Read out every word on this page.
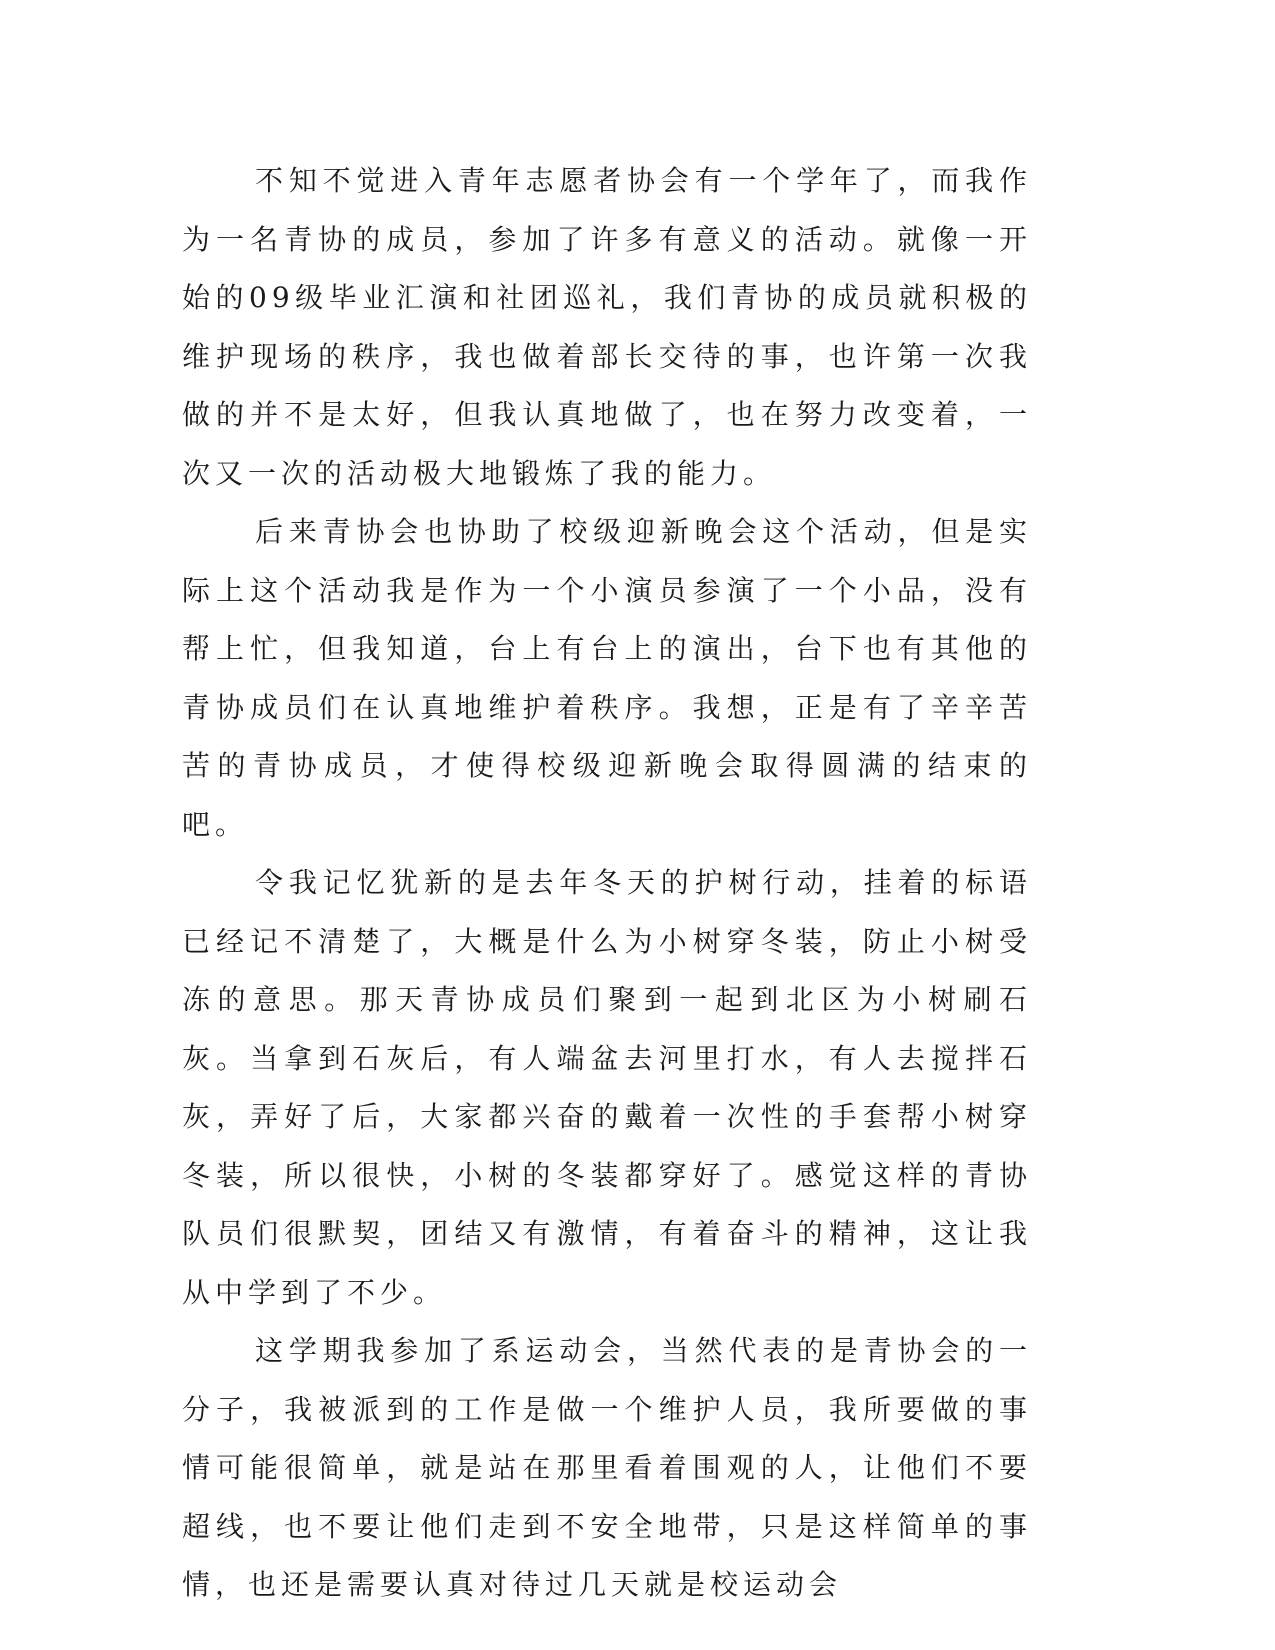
不知不觉进入青年志愿者协会有一个学年了，而我作为一名青协的成员，参加了许多有意义的活动。就像一开始的09级毕业汇演和社团巡礼，我们青协的成员就积极的维护现场的秩序，我也做着部长交待的事，也许第一次我做的并不是太好，但我认真地做了，也在努力改变着，一次又一次的活动极大地锻炼了我的能力。

后来青协会也协助了校级迎新晚会这个活动，但是实际上这个活动我是作为一个小演员参演了一个小品，没有帮上忙，但我知道，台上有台上的演出，台下也有其他的青协成员们在认真地维护着秩序。我想，正是有了辛辛苦苦的青协成员，才使得校级迎新晚会取得圆满的结束的吧。

令我记忆犹新的是去年冬天的护树行动，挂着的标语已经记不清楚了，大概是什么为小树穿冬装，防止小树受冻的意思。那天青协成员们聚到一起到北区为小树刷石灰。当拿到石灰后，有人端盆去河里打水，有人去搅拌石灰，弄好了后，大家都兴奋的戴着一次性的手套帮小树穿冬装，所以很快，小树的冬装都穿好了。感觉这样的青协队员们很默契，团结又有激情，有着奋斗的精神，这让我从中学到了不少。

这学期我参加了系运动会，当然代表的是青协会的一分子，我被派到的工作是做一个维护人员，我所要做的事情可能很简单，就是站在那里看着围观的人，让他们不要超线，也不要让他们走到不安全地带，只是这样简单的事情，也还是需要认真对待过几天就是校运动会
